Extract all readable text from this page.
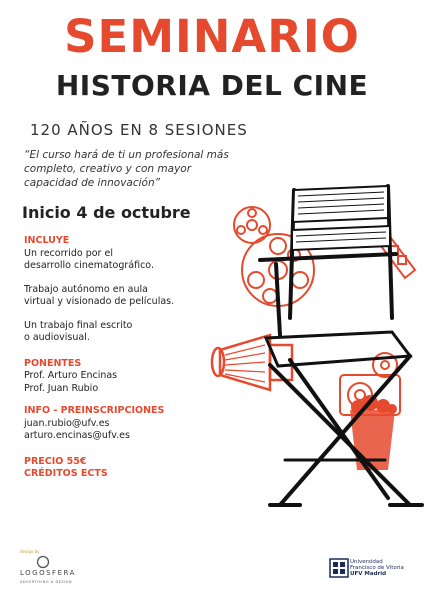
SEMINARIO
HISTORIA DEL CINE
120 AÑOS EN 8 SESIONES
“El curso hará de ti un profesional más
completo, creativo y con mayor
capacidad de innovación”
Inicio 4 de octubre

INCLUYE

Un recorrido por el

desarrollo cinematográfico.

Trabajo autónomo en aula

virtual y visionado de películas.

Un trabajo final escrito

o audiovisual.

PONENTES

Prof. Arturo Encinas

Prof. Juan Rubio

INFO - PREINSCRIPCIONES

juan.rubio@ufv.es

arturo.encinas@ufv.es

PRECIO 55€

CRÉDITOS ECTS

design by
LOGOSFERA
ADVERTISING & DESIGN
Universidad
Francisco de Vitoria
UFV Madrid
